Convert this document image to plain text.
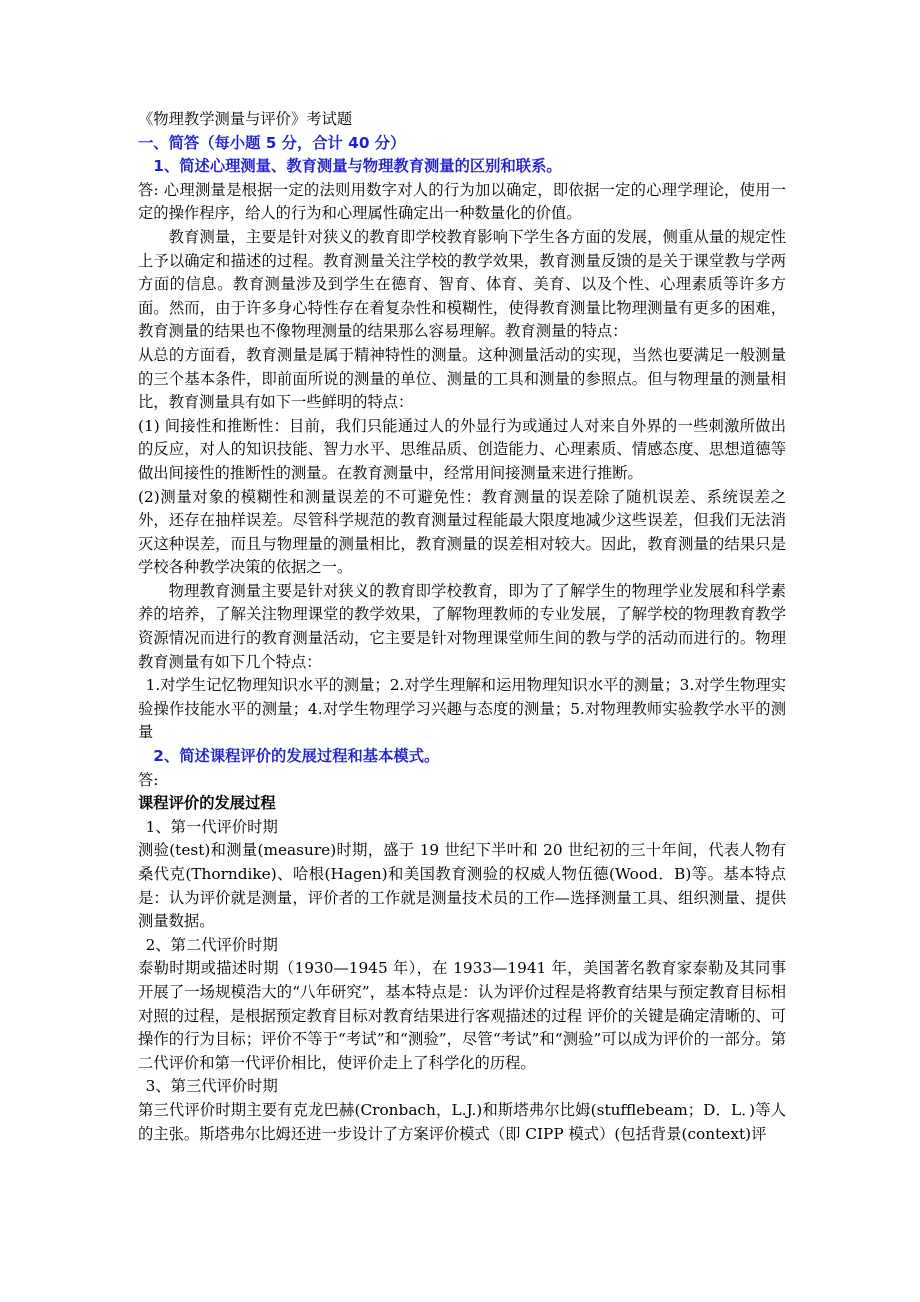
《物理教学测量与评价》考试题

一、简答（每小题 5 分，合计 40 分）

1、简述心理测量、教育测量与物理教育测量的区别和联系。

答: 心理测量是根据一定的法则用数字对人的行为加以确定，即依据一定的心理学理论，使用一定的操作程序，给人的行为和心理属性确定出一种数量化的价值。

教育测量，主要是针对狭义的教育即学校教育影响下学生各方面的发展，侧重从量的规定性上予以确定和描述的过程。教育测量关注学校的教学效果，教育测量反馈的是关于课堂教与学两方面的信息。教育测量涉及到学生在德育、智育、体育、美育、以及个性、心理素质等许多方面。然而，由于许多身心特性存在着复杂性和模糊性，使得教育测量比物理测量有更多的困难，教育测量的结果也不像物理测量的结果那么容易理解。教育测量的特点：

从总的方面看，教育测量是属于精神特性的测量。这种测量活动的实现，当然也要满足一般测量的三个基本条件，即前面所说的测量的单位、测量的工具和测量的参照点。但与物理量的测量相比，教育测量具有如下一些鲜明的特点：

(1) 间接性和推断性：目前，我们只能通过人的外显行为或通过人对来自外界的一些刺激所做出的反应，对人的知识技能、智力水平、思维品质、创造能力、心理素质、情感态度、思想道德等做出间接性的推断性的测量。在教育测量中，经常用间接测量来进行推断。

(2)测量对象的模糊性和测量误差的不可避免性：教育测量的误差除了随机误差、系统误差之外，还存在抽样误差。尽管科学规范的教育测量过程能最大限度地减少这些误差，但我们无法消灭这种误差，而且与物理量的测量相比，教育测量的误差相对较大。因此，教育测量的结果只是学校各种教学决策的依据之一。

物理教育测量主要是针对狭义的教育即学校教育，即为了了解学生的物理学业发展和科学素养的培养，了解关注物理课堂的教学效果，了解物理教师的专业发展，了解学校的物理教育教学资源情况而进行的教育测量活动，它主要是针对物理课堂师生间的教与学的活动而进行的。物理教育测量有如下几个特点：

1.对学生记忆物理知识水平的测量；2.对学生理解和运用物理知识水平的测量；3.对学生物理实验操作技能水平的测量；4.对学生物理学习兴趣与态度的测量；5.对物理教师实验教学水平的测量

2、简述课程评价的发展过程和基本模式。

答:

课程评价的发展过程

1、第一代评价时期

测验(test)和测量(measure)时期，盛于 19 世纪下半叶和 20 世纪初的三十年间，代表人物有桑代克(Thorndike)、哈根(Hagen)和美国教育测验的权威人物伍德(Wood．B)等。基本特点是：认为评价就是测量，评价者的工作就是测量技术员的工作—选择测量工具、组织测量、提供测量数据。

2、第二代评价时期

泰勒时期或描述时期（1930—1945 年），在 1933—1941 年，美国著名教育家泰勒及其同事开展了一场规模浩大的“八年研究”，基本特点是：认为评价过程是将教育结果与预定教育目标相对照的过程，是根据预定教育目标对教育结果进行客观描述的过程 评价的关键是确定清晰的、可操作的行为目标；评价不等于“考试”和“测验”，尽管“考试”和“测验”可以成为评价的一部分。第二代评价和第一代评价相比，使评价走上了科学化的历程。

3、第三代评价时期

第三代评价时期主要有克龙巴赫(Cronbach，L.J.)和斯塔弗尔比姆(stufflebeam；D．L．)等人的主张。斯塔弗尔比姆还进一步设计了方案评价模式（即 CIPP 模式）(包括背景(context)评
